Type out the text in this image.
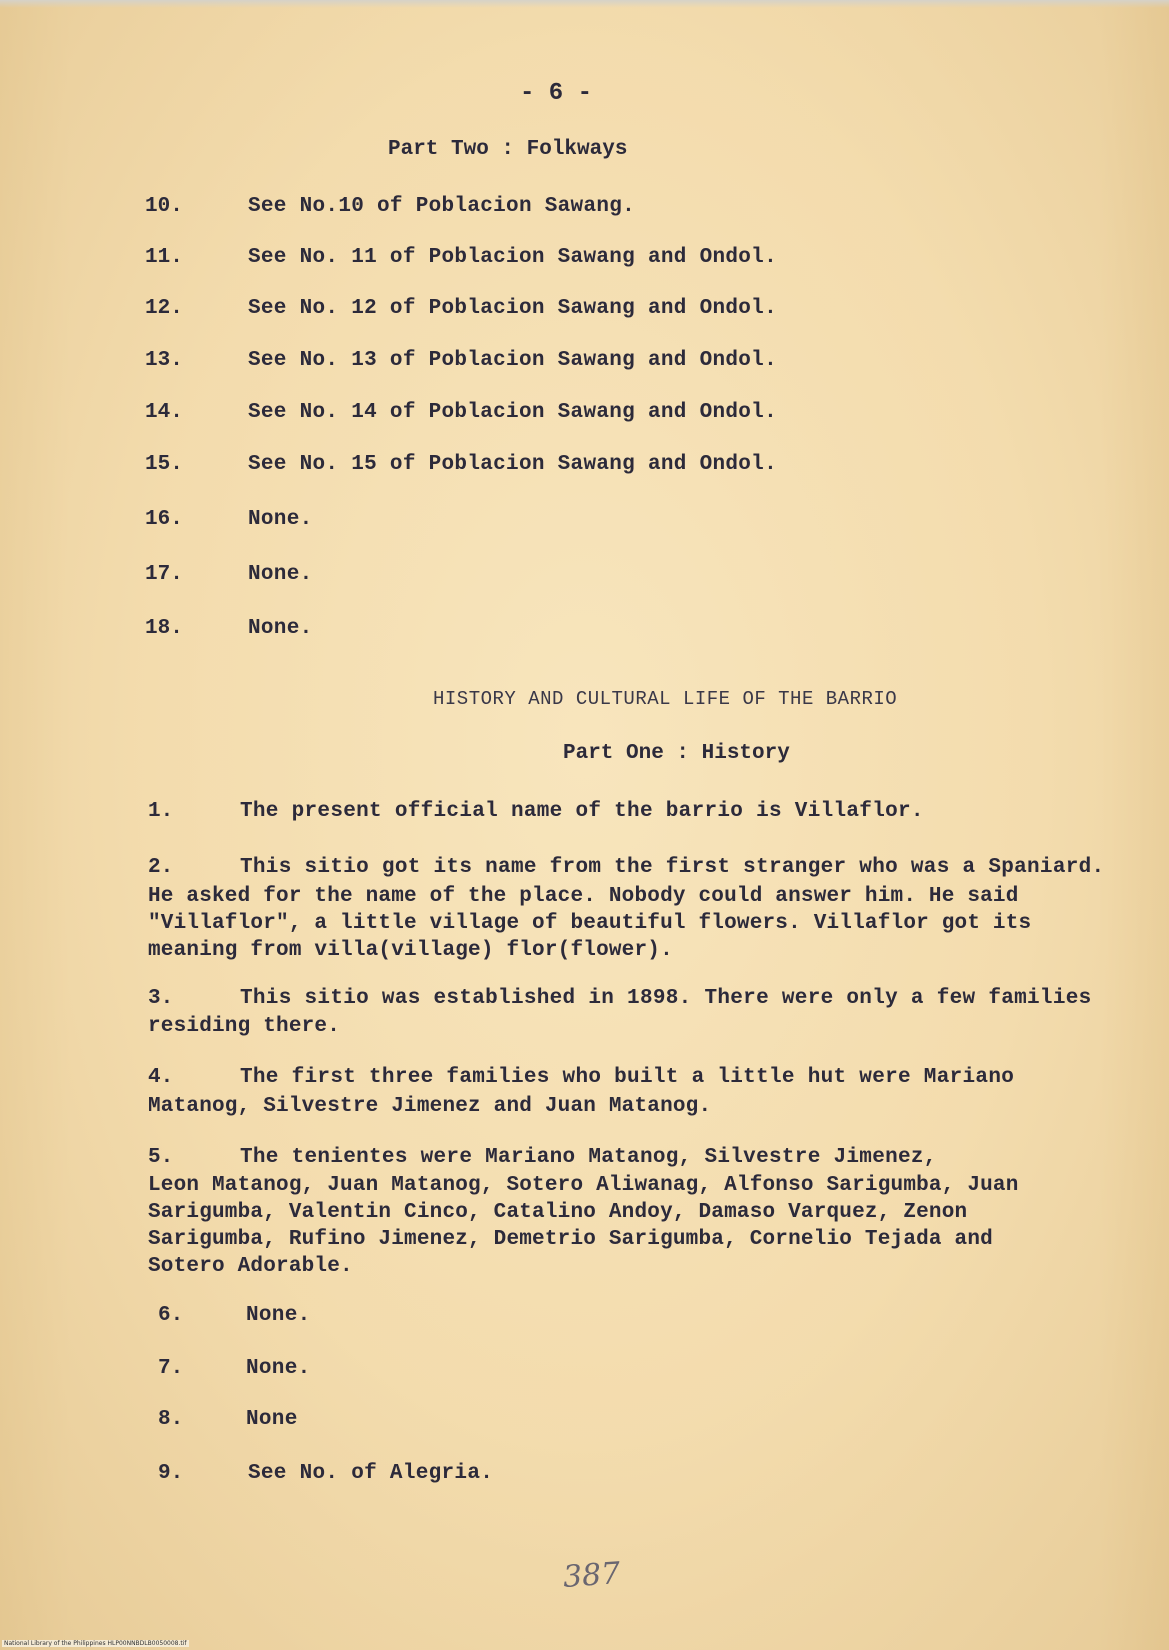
- 6 -
Part Two : Folkways
10.	See No.10 of Poblacion Sawang.
11.	See No. 11 of Poblacion Sawang and Ondol.
12.	See No. 12 of Poblacion Sawang and Ondol.
13.	See No. 13 of Poblacion Sawang and Ondol.
14.	See No. 14 of Poblacion Sawang and Ondol.
15.	See No. 15 of Poblacion Sawang and Ondol.
16.	None.
17.	None.
18.	None.
HISTORY AND CULTURAL LIFE OF THE BARRIO
Part One : History
1.	The present official name of the barrio is Villaflor.
2.	This sitio got its name from the first stranger who was a Spaniard.
He asked for the name of the place. Nobody could answer him. He said "Villaflor", a little village of beautiful flowers. Villaflor got its meaning from villa(village) flor(flower).
3.	This sitio was established in 1898. There were only a few families
residing there.
4.	The first three families who built a little hut were Mariano
Matanog, Silvestre Jimenez and Juan Matanog.
5.	The tenientes were Mariano Matanog, Silvestre Jimenez,
Leon Matanog, Juan Matanog, Sotero Aliwanag, Alfonso Sarigumba, Juan Sarigumba, Valentin Cinco, Catalino Andoy, Damaso Varquez, Zenon Sarigumba, Rufino Jimenez, Demetrio Sarigumba, Cornelio Tejada and Sotero Adorable.
6.	None.
7.	None.
8.	None
9.	See No. of Alegria.
387
National Library of the Philippines HLP00NNBDLB0050008.tif
